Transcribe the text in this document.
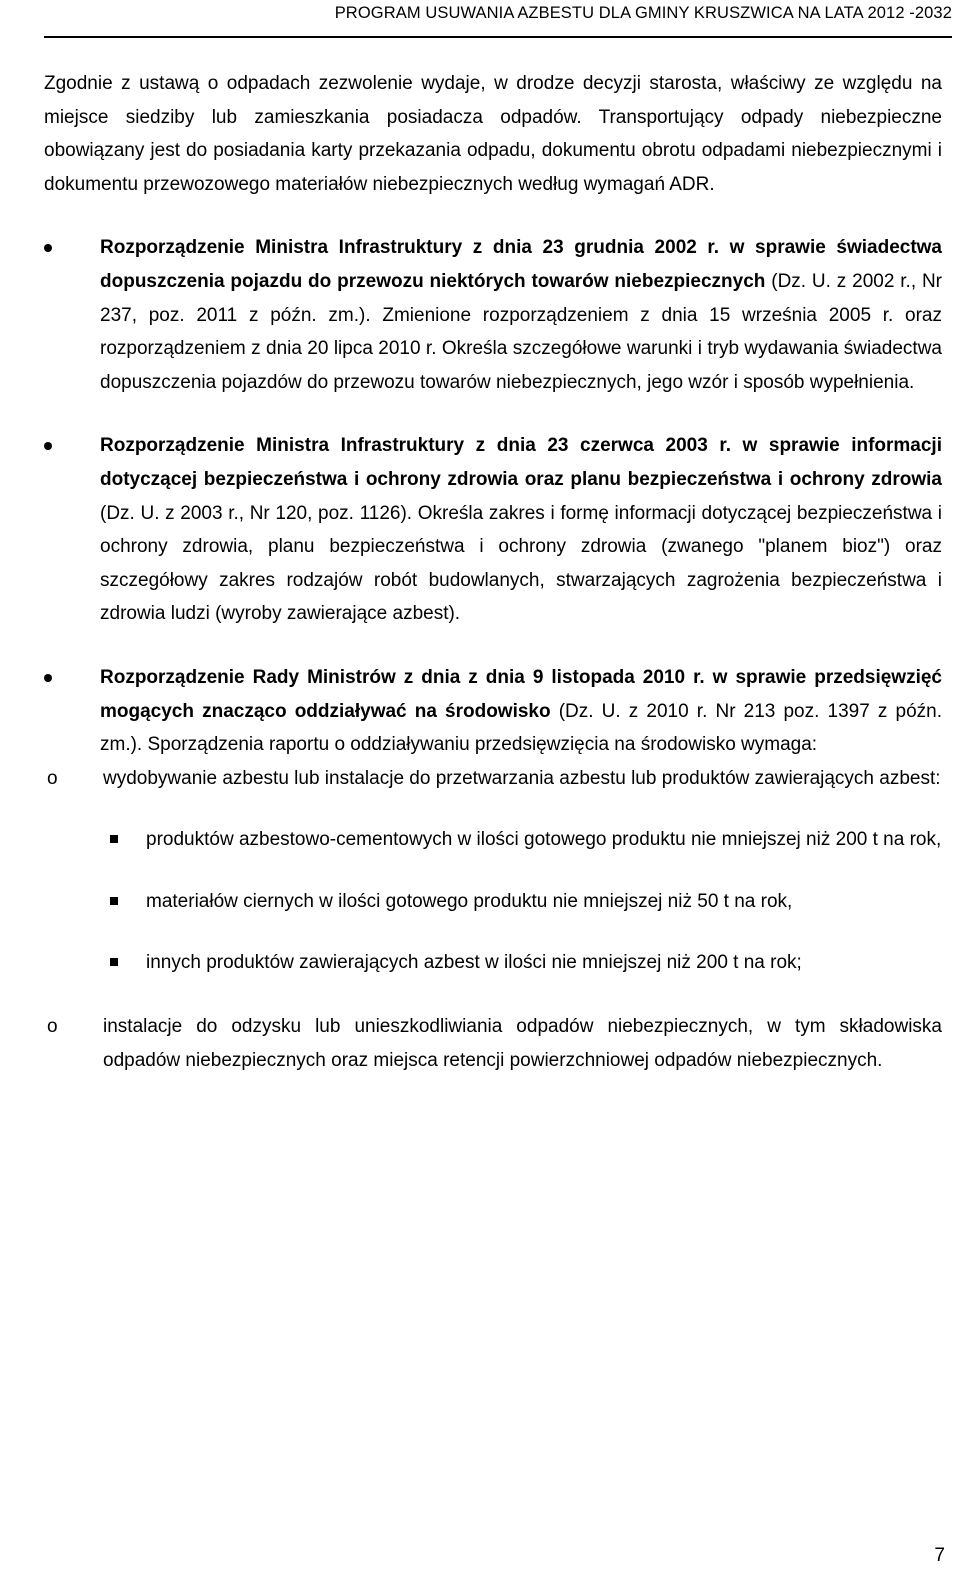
PROGRAM USUWANIA AZBESTU DLA GMINY KRUSZWICA NA LATA 2012 -2032

Zgodnie z ustawą o odpadach zezwolenie wydaje, w drodze decyzji starosta, właściwy ze względu na miejsce siedziby lub zamieszkania posiadacza odpadów. Transportujący odpady niebezpieczne obowiązany jest do posiadania karty przekazania odpadu, dokumentu obrotu odpadami niebezpiecznymi i dokumentu przewozowego materiałów niebezpiecznych według wymagań ADR.

Rozporządzenie Ministra Infrastruktury z dnia 23 grudnia 2002 r. w sprawie świadectwa dopuszczenia pojazdu do przewozu niektórych towarów niebezpiecznych (Dz. U. z 2002 r., Nr 237, poz. 2011 z późn. zm.). Zmienione rozporządzeniem z dnia 15 września 2005 r. oraz rozporządzeniem z dnia 20 lipca 2010 r. Określa szczegółowe warunki i tryb wydawania świadectwa dopuszczenia pojazdów do przewozu towarów niebezpiecznych, jego wzór i sposób wypełnienia.

Rozporządzenie Ministra Infrastruktury z dnia 23 czerwca 2003 r. w sprawie informacji dotyczącej bezpieczeństwa i ochrony zdrowia oraz planu bezpieczeństwa i ochrony zdrowia (Dz. U. z 2003 r., Nr 120, poz. 1126). Określa zakres i formę informacji dotyczącej bezpieczeństwa i ochrony zdrowia, planu bezpieczeństwa i ochrony zdrowia (zwanego "planem bioz") oraz szczegółowy zakres rodzajów robót budowlanych, stwarzających zagrożenia bezpieczeństwa i zdrowia ludzi (wyroby zawierające azbest).

Rozporządzenie Rady Ministrów z dnia z dnia 9 listopada 2010 r. w sprawie przedsięwzięć mogących znacząco oddziaływać na środowisko (Dz. U. z 2010 r. Nr 213 poz. 1397 z późn. zm.). Sporządzenia raportu o oddziaływaniu przedsięwzięcia na środowisko wymaga:

o wydobywanie azbestu lub instalacje do przetwarzania azbestu lub produktów zawierających azbest:

produktów azbestowo-cementowych w ilości gotowego produktu nie mniejszej niż 200 t na rok,

materiałów ciernych w ilości gotowego produktu nie mniejszej niż 50 t na rok,

innych produktów zawierających azbest w ilości nie mniejszej niż 200 t na rok;

o instalacje do odzysku lub unieszkodliwiania odpadów niebezpiecznych, w tym składowiska odpadów niebezpiecznych oraz miejsca retencji powierzchniowej odpadów niebezpiecznych.

7
